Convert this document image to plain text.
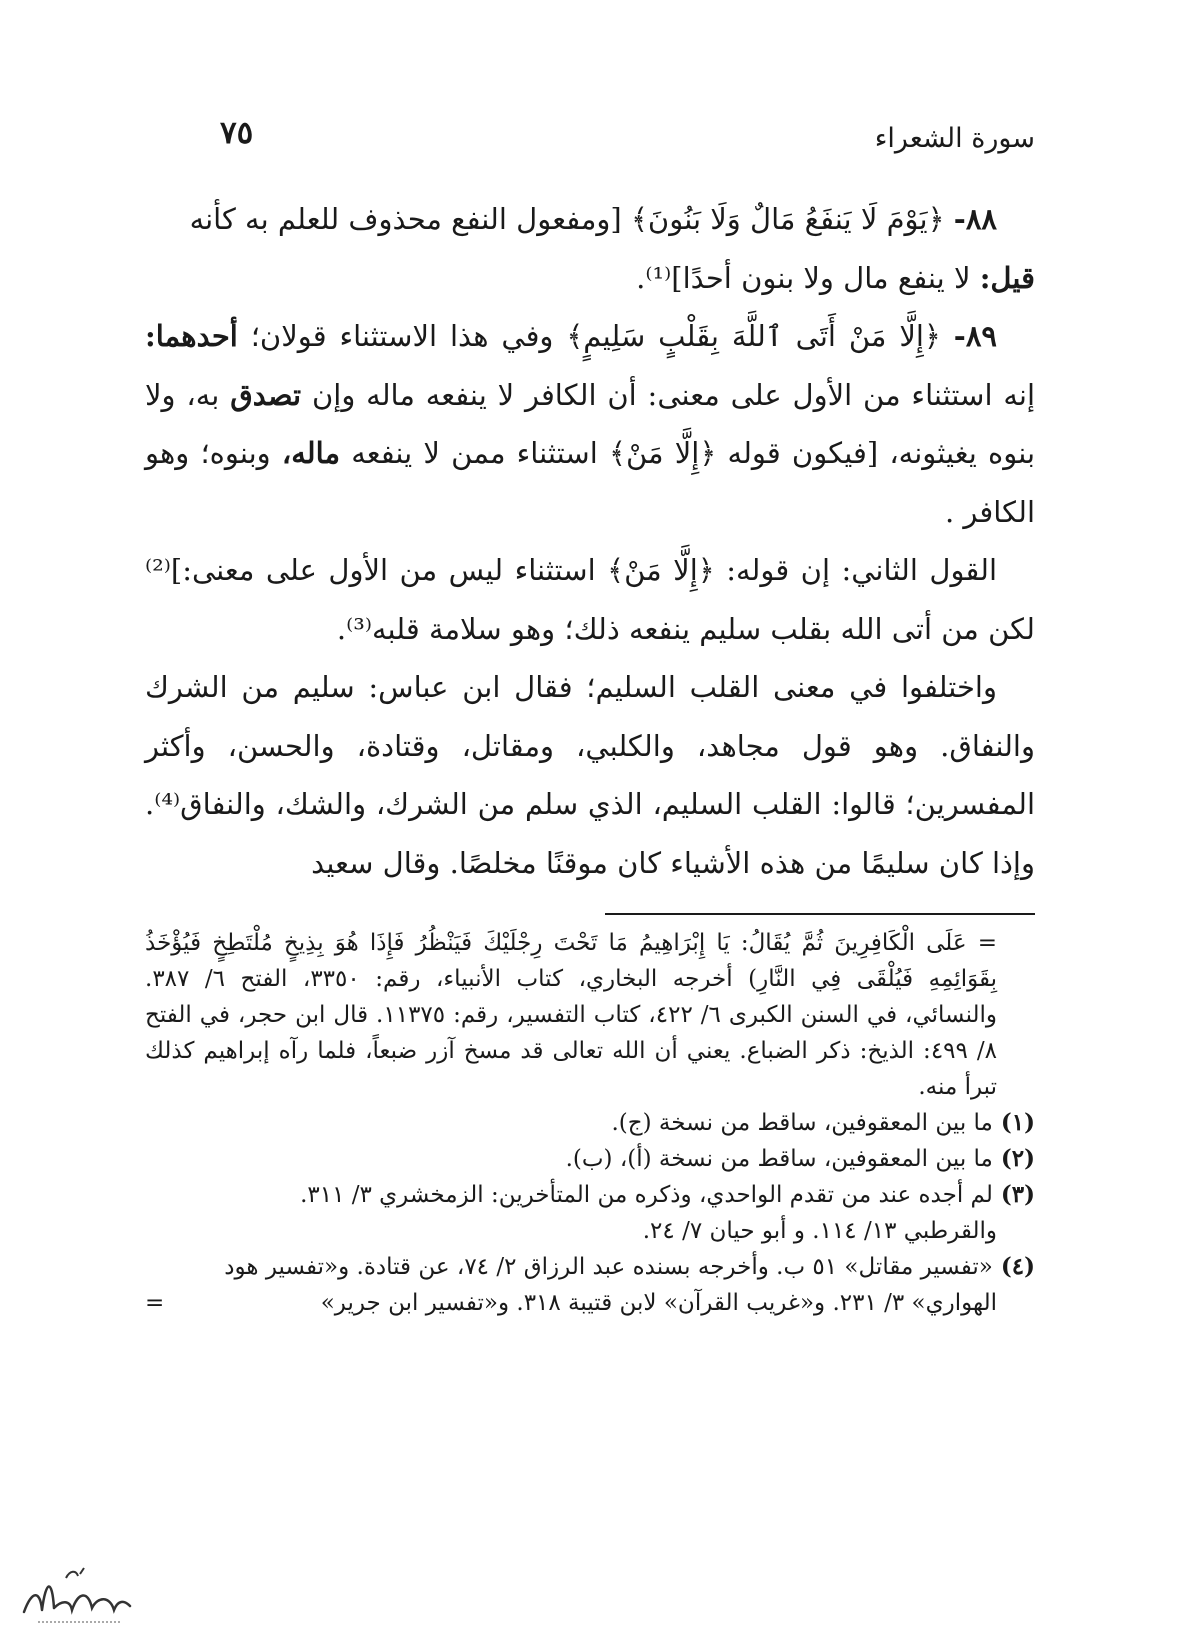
سورة الشعراء
٧٥

٨٨- ﴿يَوْمَ لَا يَنفَعُ مَالٌ وَلَا بَنُونَ﴾ [ومفعول النفع محذوف للعلم به كأنه

قيل: لا ينفع مال ولا بنون أحدًا]⁽¹⁾.

٨٩- ﴿إِلَّا مَنْ أَتَى ٱللَّهَ بِقَلْبٍ سَلِيمٍ﴾ وفي هذا الاستثناء قولان؛ أحدهما: إنه استثناء من الأول على معنى: أن الكافر لا ينفعه ماله وإن تصدق به، ولا بنوه يغيثونه، [فيكون قوله ﴿إِلَّا مَنْ﴾ استثناء ممن لا ينفعه ماله، وبنوه؛ وهو الكافر .

القول الثاني: إن قوله: ﴿إِلَّا مَنْ﴾ استثناء ليس من الأول على معنى:]⁽²⁾ لكن من أتى الله بقلب سليم ينفعه ذلك؛ وهو سلامة قلبه⁽³⁾.

واختلفوا في معنى القلب السليم؛ فقال ابن عباس: سليم من الشرك والنفاق. وهو قول مجاهد، والكلبي، ومقاتل، وقتادة، والحسن، وأكثر المفسرين؛ قالوا: القلب السليم، الذي سلم من الشرك، والشك، والنفاق⁽⁴⁾. وإذا كان سليمًا من هذه الأشياء كان موقنًا مخلصًا. وقال سعيد

= عَلَى الْكَافِرِينَ ثُمَّ يُقَالُ: يَا إِبْرَاهِيمُ مَا تَحْتَ رِجْلَيْكَ فَيَنْظُرُ فَإِذَا هُوَ بِذِيخٍ مُلْتَطِخٍ فَيُؤْخَذُ بِقَوَائِمِهِ فَيُلْقَى فِي النَّارِ) أخرجه البخاري، كتاب الأنبياء، رقم: ٣٣٥٠، الفتح ٦/ ٣٨٧. والنسائي، في السنن الكبرى ٦/ ٤٢٢، كتاب التفسير، رقم: ١١٣٧٥. قال ابن حجر، في الفتح ٨/ ٤٩٩: الذيخ: ذكر الضباع. يعني أن الله تعالى قد مسخ آزر ضبعاً، فلما رآه إبراهيم كذلك تبرأ منه.

(١)ما بين المعقوفين، ساقط من نسخة (ج).

(٢)ما بين المعقوفين، ساقط من نسخة (أ)، (ب).

(٣)لم أجده عند من تقدم الواحدي، وذكره من المتأخرين: الزمخشري ٣/ ٣١١.

والقرطبي ١٣/ ١١٤. و أبو حيان ٧/ ٢٤.

(٤)«تفسير مقاتل» ٥١ ب. وأخرجه بسنده عبد الرزاق ٢/ ٧٤، عن قتادة. و«تفسير هود

الهواري» ٣/ ٢٣١. و«غريب القرآن» لابن قتيبة ٣١٨. و«تفسير ابن جرير»
=
